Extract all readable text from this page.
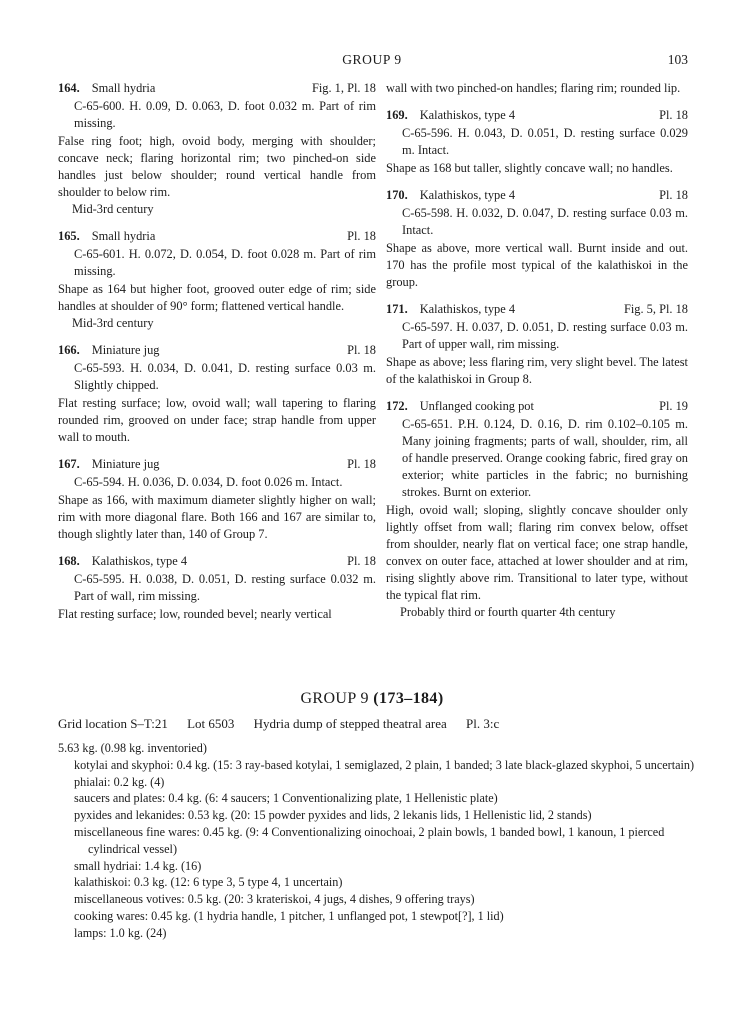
GROUP 9	103
164. Small hydria	Fig. 1, Pl. 18
C-65-600. H. 0.09, D. 0.063, D. foot 0.032 m. Part of rim missing.
False ring foot; high, ovoid body, merging with shoulder; concave neck; flaring horizontal rim; two pinched-on side handles just below shoulder; round vertical handle from shoulder to below rim.
Mid-3rd century
165. Small hydria	Pl. 18
C-65-601. H. 0.072, D. 0.054, D. foot 0.028 m. Part of rim missing.
Shape as 164 but higher foot, grooved outer edge of rim; side handles at shoulder of 90° form; flattened vertical handle.
Mid-3rd century
166. Miniature jug	Pl. 18
C-65-593. H. 0.034, D. 0.041, D. resting surface 0.03 m. Slightly chipped.
Flat resting surface; low, ovoid wall; wall tapering to flaring rounded rim, grooved on under face; strap handle from upper wall to mouth.
167. Miniature jug	Pl. 18
C-65-594. H. 0.036, D. 0.034, D. foot 0.026 m. Intact.
Shape as 166, with maximum diameter slightly higher on wall; rim with more diagonal flare. Both 166 and 167 are similar to, though slightly later than, 140 of Group 7.
168. Kalathiskos, type 4	Pl. 18
C-65-595. H. 0.038, D. 0.051, D. resting surface 0.032 m. Part of wall, rim missing.
Flat resting surface; low, rounded bevel; nearly vertical
wall with two pinched-on handles; flaring rim; rounded lip.
169. Kalathiskos, type 4	Pl. 18
C-65-596. H. 0.043, D. 0.051, D. resting surface 0.029 m. Intact.
Shape as 168 but taller, slightly concave wall; no handles.
170. Kalathiskos, type 4	Pl. 18
C-65-598. H. 0.032, D. 0.047, D. resting surface 0.03 m. Intact.
Shape as above, more vertical wall. Burnt inside and out. 170 has the profile most typical of the kalathiskoi in the group.
171. Kalathiskos, type 4	Fig. 5, Pl. 18
C-65-597. H. 0.037, D. 0.051, D. resting surface 0.03 m. Part of upper wall, rim missing.
Shape as above; less flaring rim, very slight bevel. The latest of the kalathiskoi in Group 8.
172. Unflanged cooking pot	Pl. 19
C-65-651. P.H. 0.124, D. 0.16, D. rim 0.102–0.105 m. Many joining fragments; parts of wall, shoulder, rim, all of handle preserved. Orange cooking fabric, fired gray on exterior; white particles in the fabric; no burnishing strokes. Burnt on exterior.
High, ovoid wall; sloping, slightly concave shoulder only lightly offset from wall; flaring rim convex below, offset from shoulder, nearly flat on vertical face; one strap handle, convex on outer face, attached at lower shoulder and at rim, rising slightly above rim. Transitional to later type, without the typical flat rim.
Probably third or fourth quarter 4th century
GROUP 9 (173–184)
Grid location S–T:21 Lot 6503 Hydria dump of stepped theatral area Pl. 3:c
5.63 kg. (0.98 kg. inventoried)
kotylai and skyphoi: 0.4 kg. (15: 3 ray-based kotylai, 1 semiglazed, 2 plain, 1 banded; 3 late black-glazed skyphoi, 5 uncertain)
phialai: 0.2 kg. (4)
saucers and plates: 0.4 kg. (6: 4 saucers; 1 Conventionalizing plate, 1 Hellenistic plate)
pyxides and lekanides: 0.53 kg. (20: 15 powder pyxides and lids, 2 lekanis lids, 1 Hellenistic lid, 2 stands)
miscellaneous fine wares: 0.45 kg. (9: 4 Conventionalizing oinochoai, 2 plain bowls, 1 banded bowl, 1 kanoun, 1 pierced cylindrical vessel)
small hydriai: 1.4 kg. (16)
kalathiskoi: 0.3 kg. (12: 6 type 3, 5 type 4, 1 uncertain)
miscellaneous votives: 0.5 kg. (20: 3 krateriskoi, 4 jugs, 4 dishes, 9 offering trays)
cooking wares: 0.45 kg. (1 hydria handle, 1 pitcher, 1 unflanged pot, 1 stewpot[?], 1 lid)
lamps: 1.0 kg. (24)
